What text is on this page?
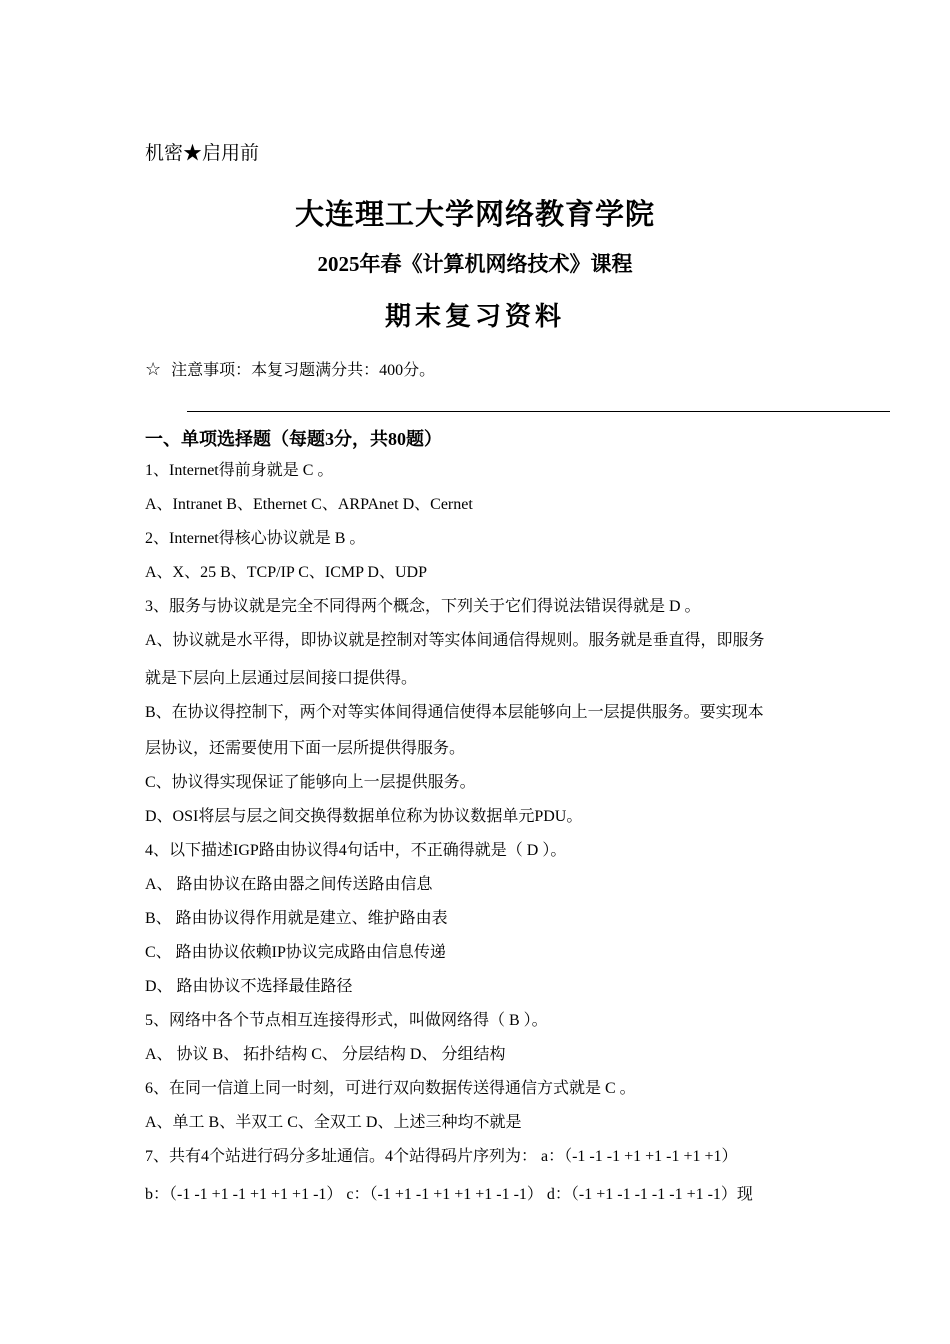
机密★启用前
大连理工大学网络教育学院
2025年春《计算机网络技术》课程
期末复习资料
☆ 注意事项：本复习题满分共：400分。
一、单项选择题（每题3分，共80题）
1、Internet得前身就是 C 。
A、Intranet B、Ethernet C、ARPAnet D、Cernet
2、Internet得核心协议就是 B 。
A、X、25 B、TCP/IP C、ICMP D、UDP
3、服务与协议就是完全不同得两个概念，下列关于它们得说法错误得就是 D 。
A、协议就是水平得，即协议就是控制对等实体间通信得规则。服务就是垂直得，即服务
就是下层向上层通过层间接口提供得。
B、在协议得控制下，两个对等实体间得通信使得本层能够向上一层提供服务。要实现本
层协议，还需要使用下面一层所提供得服务。
C、协议得实现保证了能够向上一层提供服务。
D、OSI将层与层之间交换得数据单位称为协议数据单元PDU。
4、以下描述IGP路由协议得4句话中，不正确得就是（ D ）。
A、 路由协议在路由器之间传送路由信息
B、 路由协议得作用就是建立、维护路由表
C、 路由协议依赖IP协议完成路由信息传递
D、 路由协议不选择最佳路径
5、网络中各个节点相互连接得形式，叫做网络得（ B ）。
A、 协议 B、 拓扑结构 C、 分层结构 D、 分组结构
6、在同一信道上同一时刻，可进行双向数据传送得通信方式就是 C 。
A、单工 B、半双工 C、全双工 D、上述三种均不就是
7、共有4个站进行码分多址通信。4个站得码片序列为： a：（-1 -1 -1 +1 +1 -1 +1 +1）
b：（-1 -1 +1 -1 +1 +1 +1 -1） c：（-1 +1 -1 +1 +1 +1 -1 -1） d：（-1 +1 -1 -1 -1 -1 +1 -1）现
